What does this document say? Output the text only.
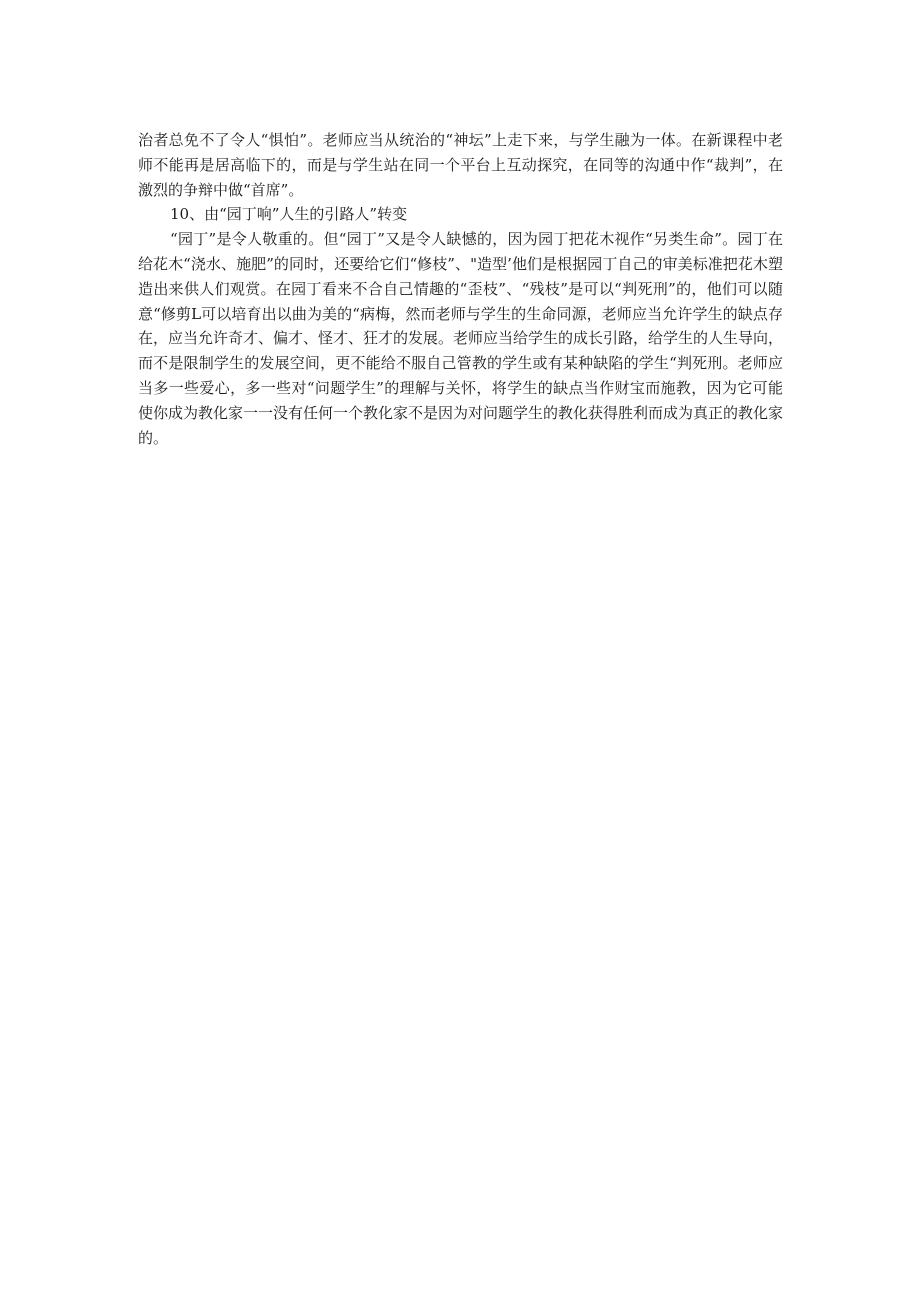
治者总免不了令人“惧怕”。老师应当从统治的“神坛”上走下来，与学生融为一体。在新课程中老师不能再是居高临下的，而是与学生站在同一个平台上互动探究，在同等的沟通中作“裁判”，在激烈的争辩中做“首席”。

10、由“园丁响”人生的引路人”转变

“园丁”是令人敬重的。但“园丁”又是令人缺憾的，因为园丁把花木视作“另类生命”。园丁在给花木“浇水、施肥”的同时，还要给它们“修枝”、"造型’他们是根据园丁自己的审美标准把花木塑造出来供人们观赏。在园丁看来不合自己情趣的“歪枝”、“残枝”是可以“判死刑”的，他们可以随意“修剪L可以培育出以曲为美的“病梅，然而老师与学生的生命同源，老师应当允许学生的缺点存在，应当允许奇才、偏才、怪才、狂才的发展。老师应当给学生的成长引路，给学生的人生导向，而不是限制学生的发展空间，更不能给不服自己管教的学生或有某种缺陷的学生“判死刑。老师应当多一些爱心，多一些对“问题学生”的理解与关怀，将学生的缺点当作财宝而施教，因为它可能使你成为教化家一一没有任何一个教化家不是因为对问题学生的教化获得胜利而成为真正的教化家的。
